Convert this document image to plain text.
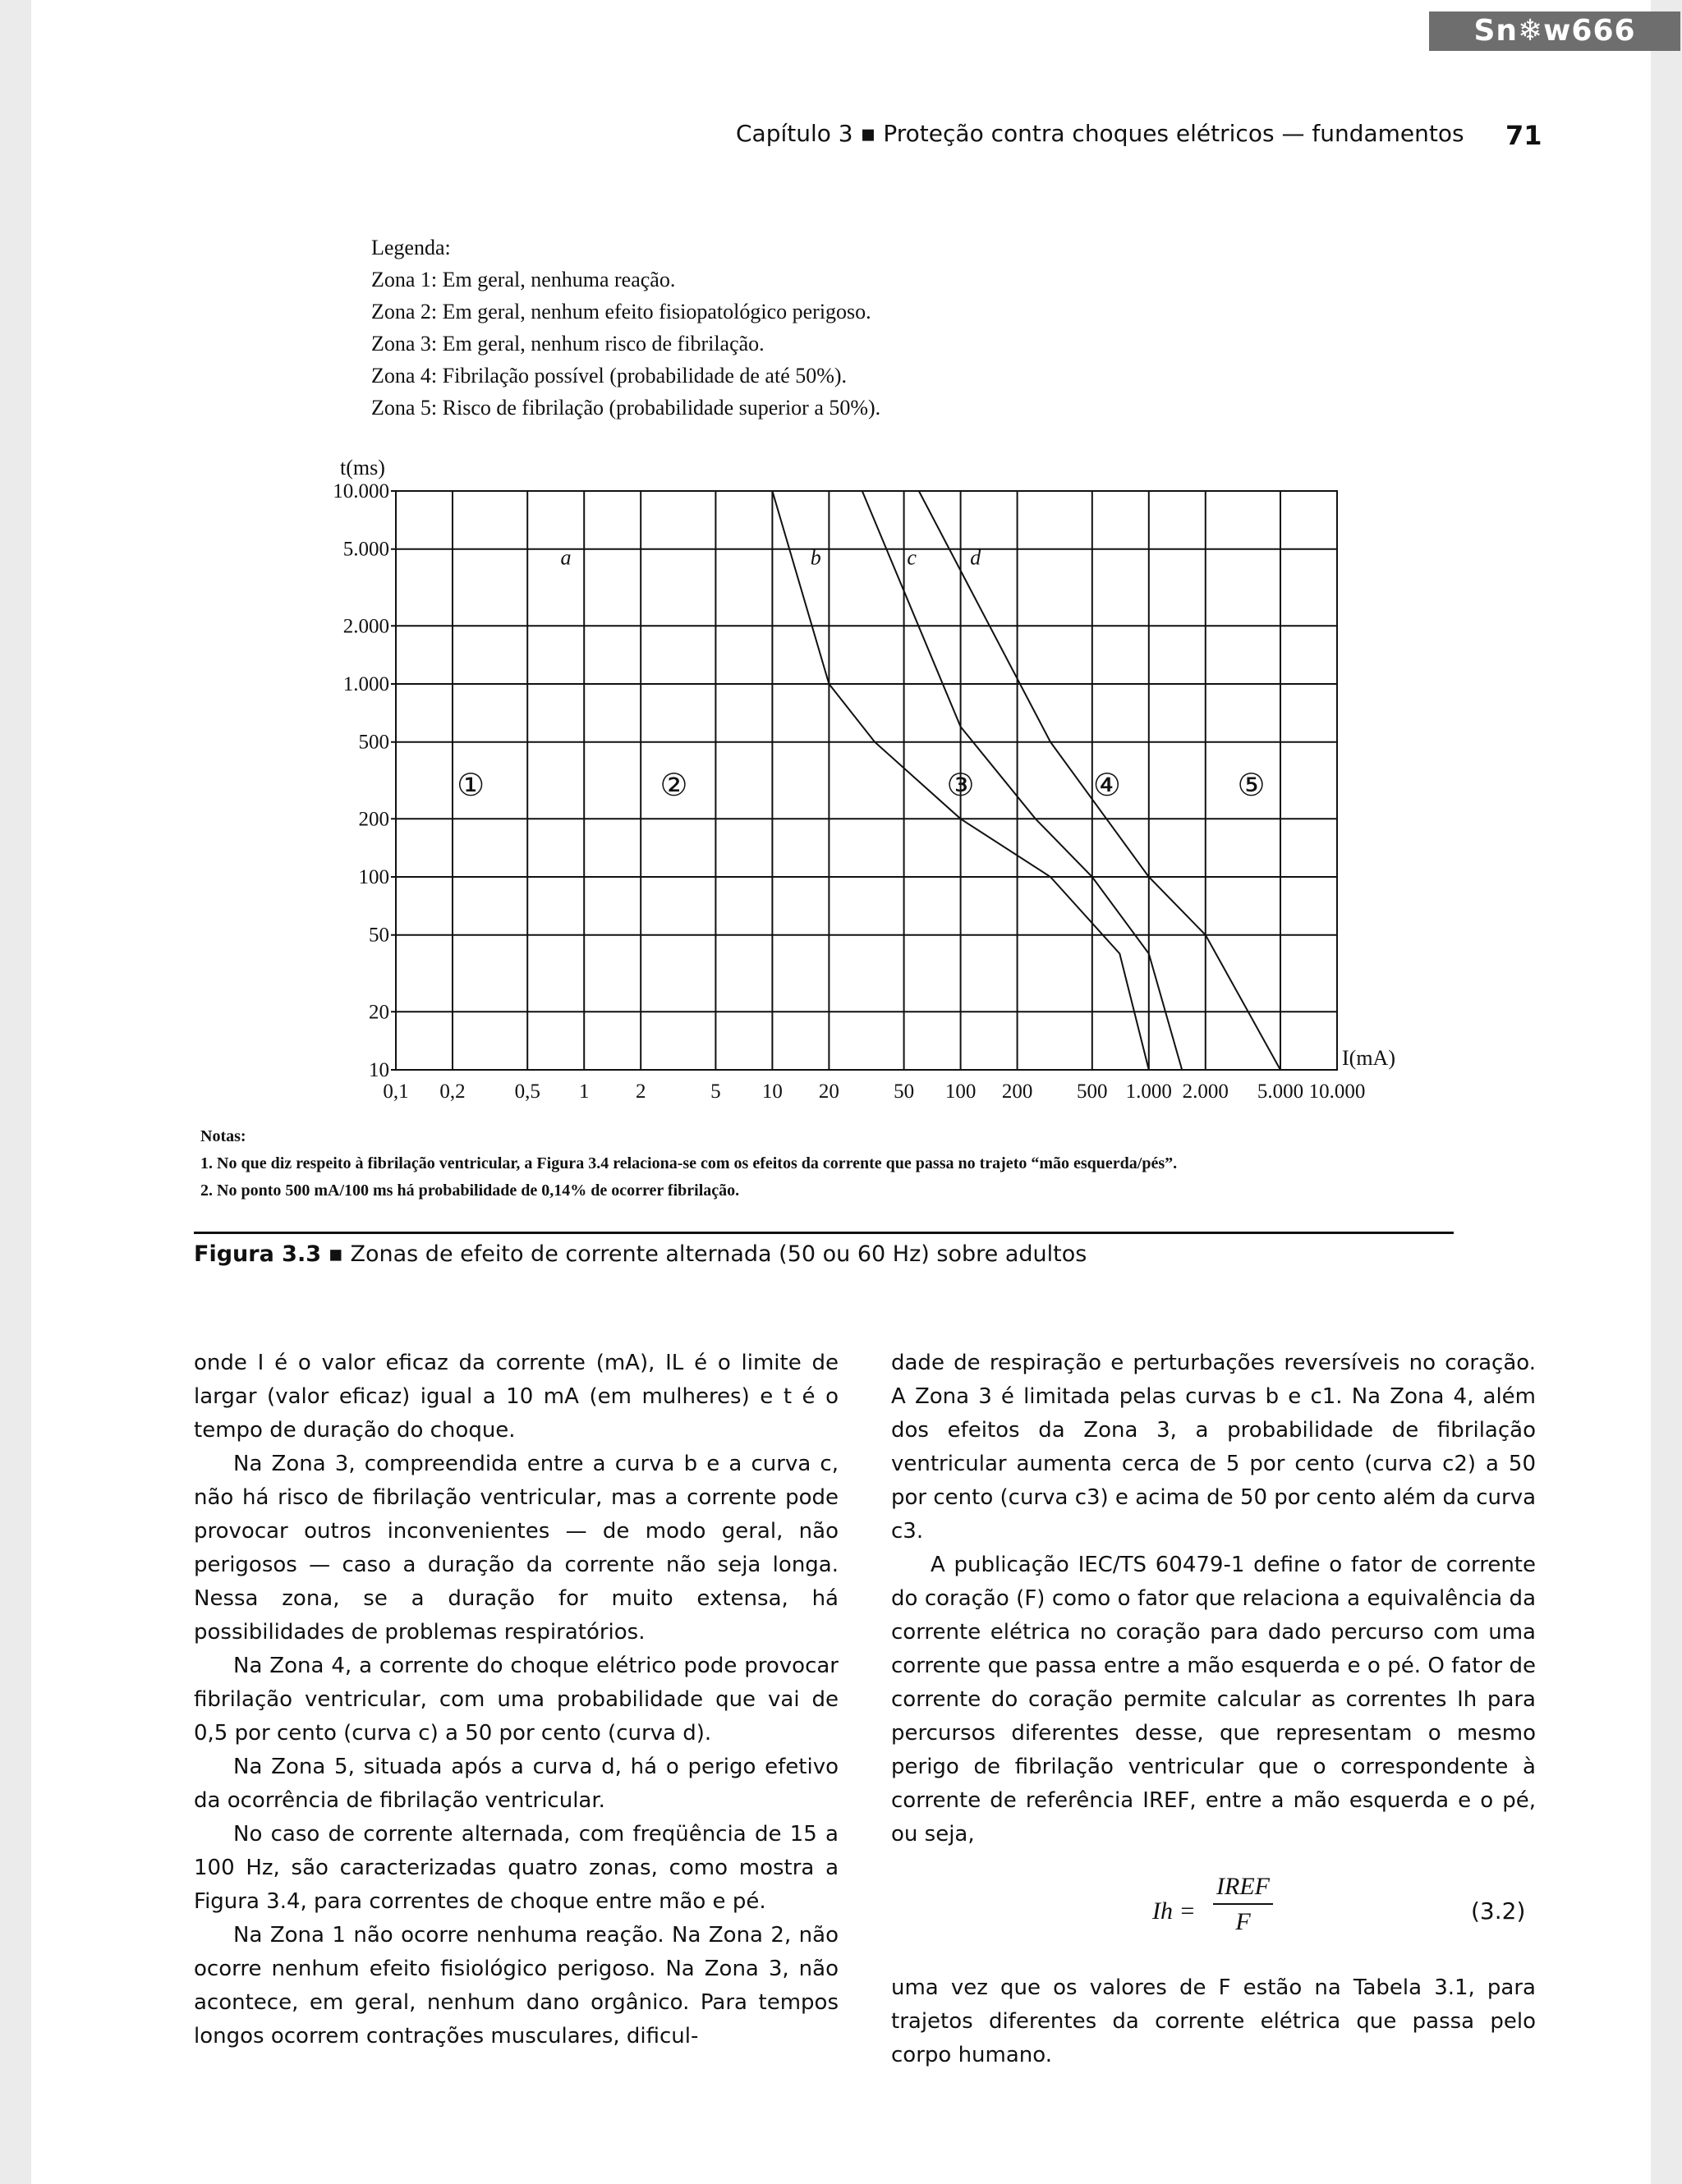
Sn❄w666
Capítulo 3 ▪ Proteção contra choques elétricos — fundamentos 71
Legenda:
Zona 1: Em geral, nenhuma reação.
Zona 2: Em geral, nenhum efeito fisiopatológico perigoso.
Zona 3: Em geral, nenhum risco de fibrilação.
Zona 4: Fibrilação possível (probabilidade de até 50%).
Zona 5: Risco de fibrilação (probabilidade superior a 50%).
0,1 0,2 0,5 1 2	5 10 20	50 100 200 500 1.000 2.000 5.000 10.000
10
20
50
100
200
500
1.000
2.000
5.000
10.000
t(ms)
I(mA)
a	b	c	d
①	②	③	④	⑤
Notas:
1. No que diz respeito à fibrilação ventricular, a Figura 3.4 relaciona-se com os efeitos da corrente que passa no trajeto “mão esquerda/pés”.
2. No ponto 500 mA/100 ms há probabilidade de 0,14% de ocorrer fibrilação.
Figura 3.3 ▪ Zonas de efeito de corrente alternada (50 ou 60 Hz) sobre adultos

onde I é o valor eficaz da corrente (mA), IL é o limite de largar (valor eficaz) igual a 10 mA (em mulheres) e t é o tempo de duração do choque.

Na Zona 3, compreendida entre a curva b e a curva c, não há risco de fibrilação ventricular, mas a corrente pode provocar outros inconvenientes — de modo geral, não perigosos — caso a duração da corrente não seja longa. Nessa zona, se a duração for muito extensa, há possibilidades de problemas respiratórios.

Na Zona 4, a corrente do choque elétrico pode provocar fibrilação ventricular, com uma probabilidade que vai de 0,5 por cento (curva c) a 50 por cento (curva d).

Na Zona 5, situada após a curva d, há o perigo efetivo da ocorrência de fibrilação ventricular.

No caso de corrente alternada, com freqüência de 15 a 100 Hz, são caracterizadas quatro zonas, como mostra a Figura 3.4, para correntes de choque entre mão e pé.

Na Zona 1 não ocorre nenhuma reação. Na Zona 2, não ocorre nenhum efeito fisiológico perigoso. Na Zona 3, não acontece, em geral, nenhum dano orgânico. Para tempos longos ocorrem contrações musculares, dificul-

dade de respiração e perturbações reversíveis no coração. A Zona 3 é limitada pelas curvas b e c1. Na Zona 4, além dos efeitos da Zona 3, a probabilidade de fibrilação ventricular aumenta cerca de 5 por cento (curva c2) a 50 por cento (curva c3) e acima de 50 por cento além da curva c3.

A publicação IEC/TS 60479-1 define o fator de corrente do coração (F) como o fator que relaciona a equivalência da corrente elétrica no coração para dado percurso com uma corrente que passa entre a mão esquerda e o pé. O fator de corrente do coração permite calcular as correntes Ih para percursos diferentes desse, que representam o mesmo perigo de fibrilação ventricular que o correspondente à corrente de referência IREF, entre a mão esquerda e o pé, ou seja,

Ih =
IREF
F	(3.2)

uma vez que os valores de F estão na Tabela 3.1, para trajetos diferentes da corrente elétrica que passa pelo corpo humano.
